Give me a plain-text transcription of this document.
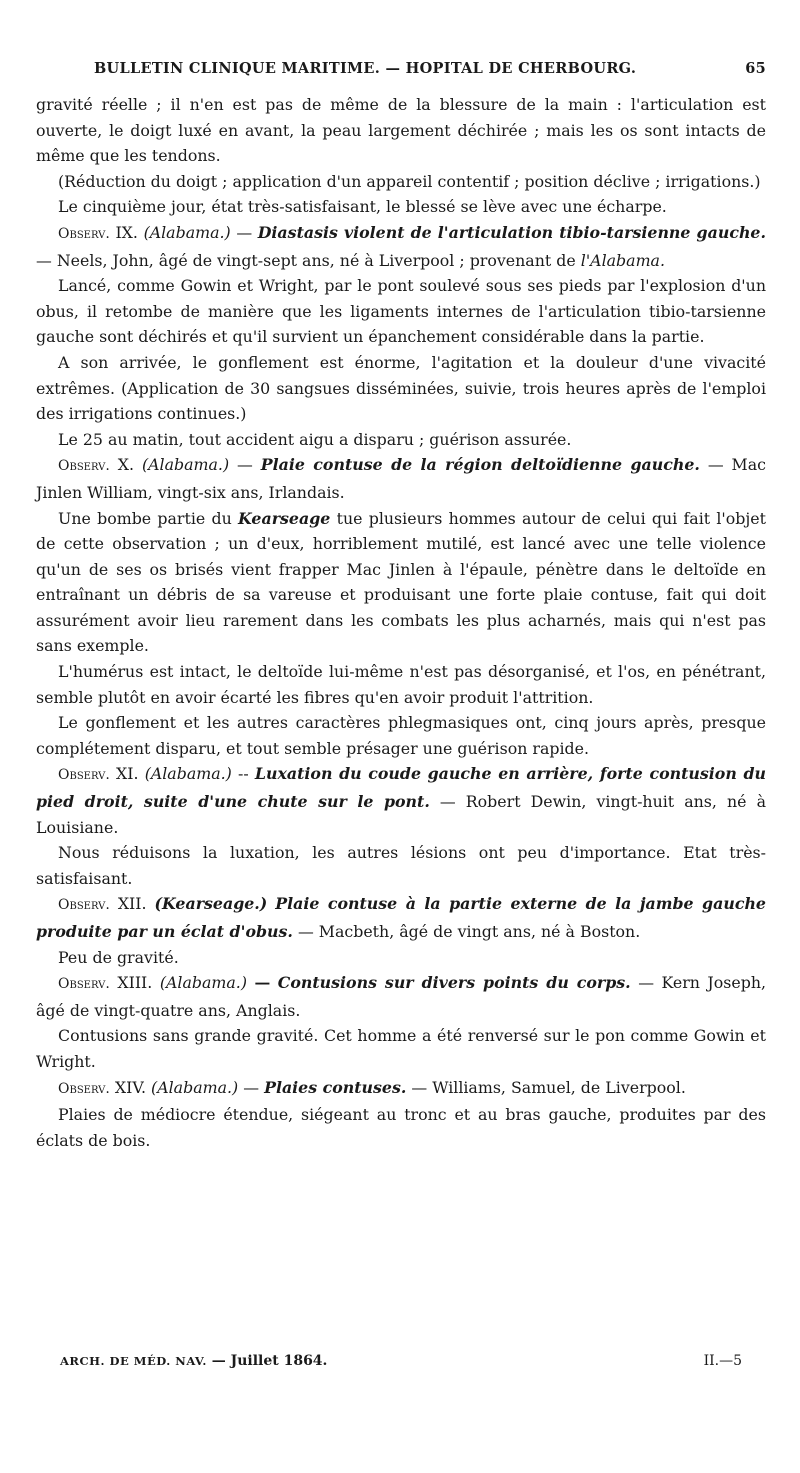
BULLETIN CLINIQUE MARITIME. — HOPITAL DE CHERBOURG.	65

gravité réelle ; il n'en est pas de même de la blessure de la main : l'articulation est ouverte, le doigt luxé en avant, la peau largement déchirée ; mais les os sont intacts de même que les tendons.

(Réduction du doigt ; application d'un appareil contentif ; position déclive ; irrigations.)

Le cinquième jour, état très-satisfaisant, le blessé se lève avec une écharpe.

Observ. IX. (Alabama.) — Diastasis violent de l'articulation tibio-tarsienne gauche. — Neels, John, âgé de vingt-sept ans, né à Liverpool ; provenant de l'Alabama.

Lancé, comme Gowin et Wright, par le pont soulevé sous ses pieds par l'explosion d'un obus, il retombe de manière que les ligaments internes de l'articulation tibio-tarsienne gauche sont déchirés et qu'il survient un épanchement considérable dans la partie.

A son arrivée, le gonflement est énorme, l'agitation et la douleur d'une vivacité extrêmes. (Application de 30 sangsues disséminées, suivie, trois heures après de l'emploi des irrigations continues.)

Le 25 au matin, tout accident aigu a disparu ; guérison assurée.

Observ. X. (Alabama.) — Plaie contuse de la région deltoïdienne gauche. — Mac Jinlen William, vingt-six ans, Irlandais.

Une bombe partie du Kearseage tue plusieurs hommes autour de celui qui fait l'objet de cette observation ; un d'eux, horriblement mutilé, est lancé avec une telle violence qu'un de ses os brisés vient frapper Mac Jinlen à l'épaule, pénètre dans le deltoïde en entraînant un débris de sa vareuse et produisant une forte plaie contuse, fait qui doit assurément avoir lieu rarement dans les combats les plus acharnés, mais qui n'est pas sans exemple.

L'humérus est intact, le deltoïde lui-même n'est pas désorganisé, et l'os, en pénétrant, semble plutôt en avoir écarté les fibres qu'en avoir produit l'attrition.

Le gonflement et les autres caractères phlegmasiques ont, cinq jours après, presque complétement disparu, et tout semble présager une guérison rapide.

Observ. XI. (Alabama.) -- Luxation du coude gauche en arrière, forte contusion du pied droit, suite d'une chute sur le pont. — Robert Dewin, vingt-huit ans, né à Louisiane.

Nous réduisons la luxation, les autres lésions ont peu d'importance. Etat très-satisfaisant.

Observ. XII. (Kearseage.) Plaie contuse à la partie externe de la jambe gauche produite par un éclat d'obus. — Macbeth, âgé de vingt ans, né à Boston.

Peu de gravité.

Observ. XIII. (Alabama.) — Contusions sur divers points du corps. — Kern Joseph, âgé de vingt-quatre ans, Anglais.

Contusions sans grande gravité. Cet homme a été renversé sur le pon comme Gowin et Wright.

Observ. XIV. (Alabama.) — Plaies contuses. — Williams, Samuel, de Liverpool.

Plaies de médiocre étendue, siégeant au tronc et au bras gauche, produites par des éclats de bois.

ARCH. DE MÉD. NAV. — Juillet 1864.	II.—5
